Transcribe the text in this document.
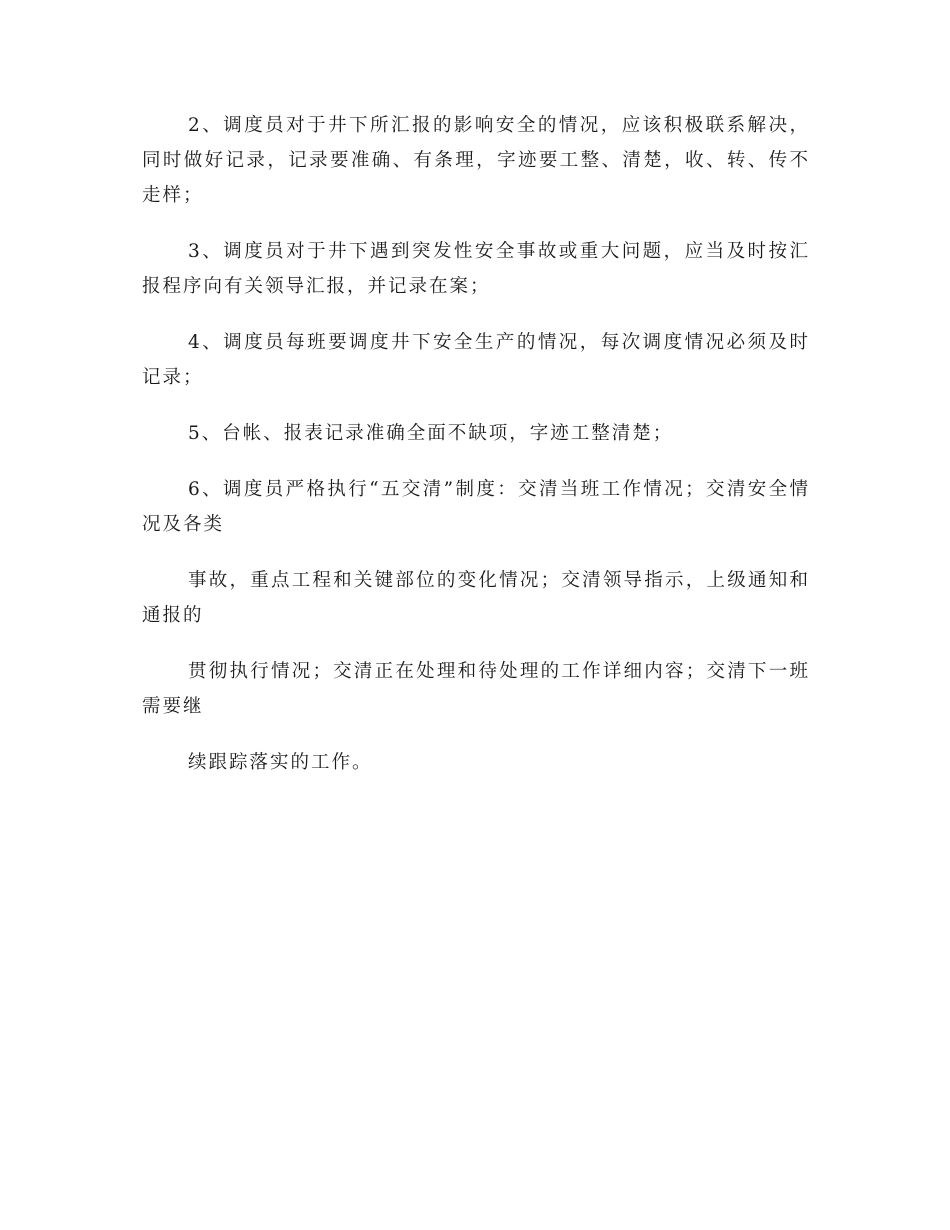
2、调度员对于井下所汇报的影响安全的情况，应该积极联系解决，同时做好记录，记录要准确、有条理，字迹要工整、清楚，收、转、传不走样；

3、调度员对于井下遇到突发性安全事故或重大问题，应当及时按汇报程序向有关领导汇报，并记录在案；

4、调度员每班要调度井下安全生产的情况，每次调度情况必须及时记录；

5、台帐、报表记录准确全面不缺项，字迹工整清楚；

6、调度员严格执行“五交清”制度：交清当班工作情况；交清安全情况及各类

事故，重点工程和关键部位的变化情况；交清领导指示，上级通知和通报的

贯彻执行情况；交清正在处理和待处理的工作详细内容；交清下一班需要继

续跟踪落实的工作。
